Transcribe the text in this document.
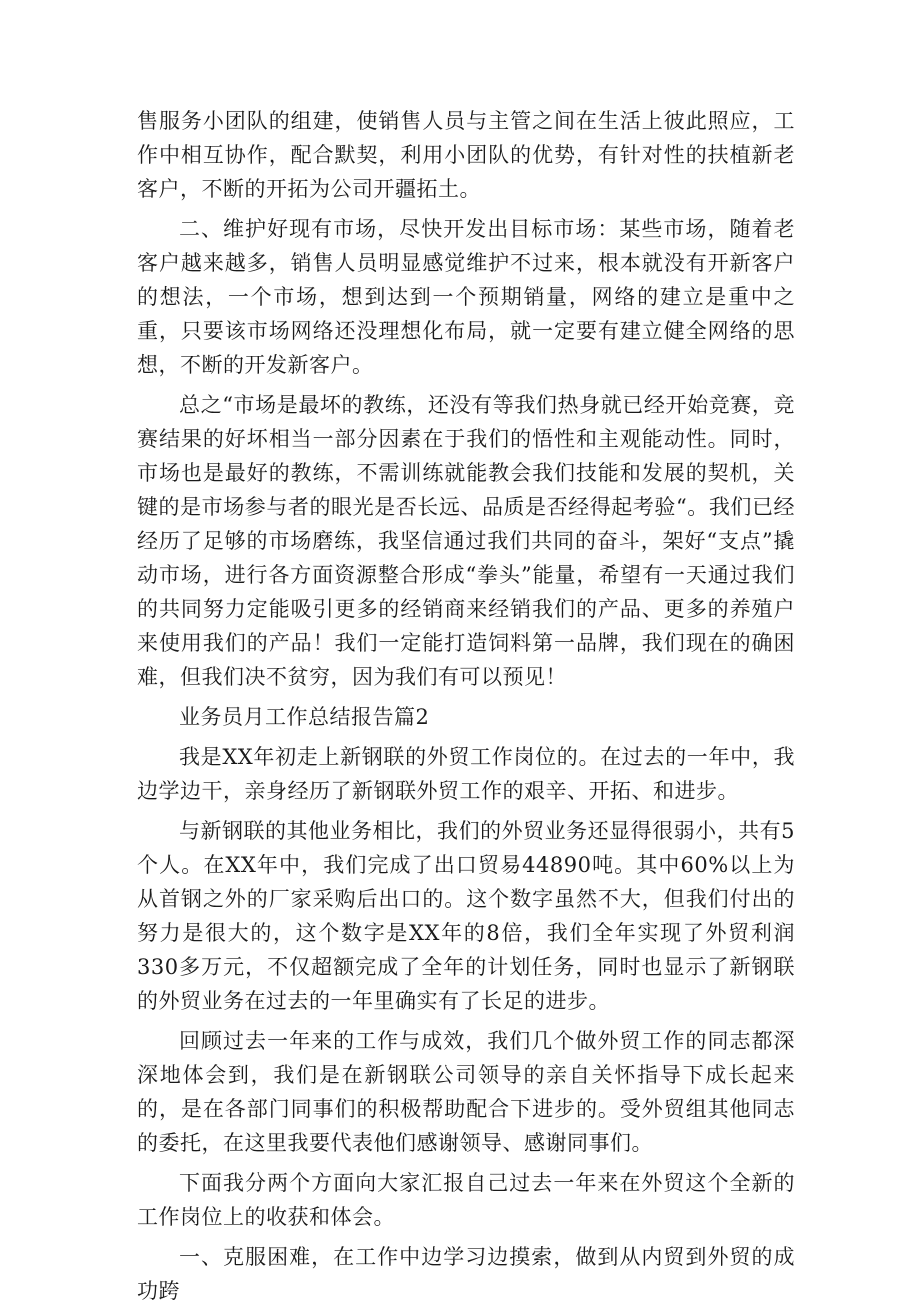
售服务小团队的组建，使销售人员与主管之间在生活上彼此照应，工作中相互协作，配合默契，利用小团队的优势，有针对性的扶植新老客户，不断的开拓为公司开疆拓土。

二、维护好现有市场，尽快开发出目标市场：某些市场，随着老客户越来越多，销售人员明显感觉维护不过来，根本就没有开新客户的想法，一个市场，想到达到一个预期销量，网络的建立是重中之重，只要该市场网络还没理想化布局，就一定要有建立健全网络的思想，不断的开发新客户。

总之“市场是最坏的教练，还没有等我们热身就已经开始竞赛，竞赛结果的好坏相当一部分因素在于我们的悟性和主观能动性。同时，市场也是最好的教练，不需训练就能教会我们技能和发展的契机，关键的是市场参与者的眼光是否长远、品质是否经得起考验“。我们已经经历了足够的市场磨练，我坚信通过我们共同的奋斗，架好“支点”撬动市场，进行各方面资源整合形成“拳头”能量，希望有一天通过我们的共同努力定能吸引更多的经销商来经销我们的产品、更多的养殖户来使用我们的产品！我们一定能打造饲料第一品牌，我们现在的确困难，但我们决不贫穷，因为我们有可以预见！

业务员月工作总结报告篇2

我是XX年初走上新钢联的外贸工作岗位的。在过去的一年中，我边学边干，亲身经历了新钢联外贸工作的艰辛、开拓、和进步。

与新钢联的其他业务相比，我们的外贸业务还显得很弱小，共有5个人。在XX年中，我们完成了出口贸易44890吨。其中60%以上为从首钢之外的厂家采购后出口的。这个数字虽然不大，但我们付出的努力是很大的，这个数字是XX年的8倍，我们全年实现了外贸利润330多万元，不仅超额完成了全年的计划任务，同时也显示了新钢联的外贸业务在过去的一年里确实有了长足的进步。

回顾过去一年来的工作与成效，我们几个做外贸工作的同志都深深地体会到，我们是在新钢联公司领导的亲自关怀指导下成长起来的，是在各部门同事们的积极帮助配合下进步的。受外贸组其他同志的委托，在这里我要代表他们感谢领导、感谢同事们。

下面我分两个方面向大家汇报自己过去一年来在外贸这个全新的工作岗位上的收获和体会。

一、克服困难，在工作中边学习边摸索，做到从内贸到外贸的成功跨
